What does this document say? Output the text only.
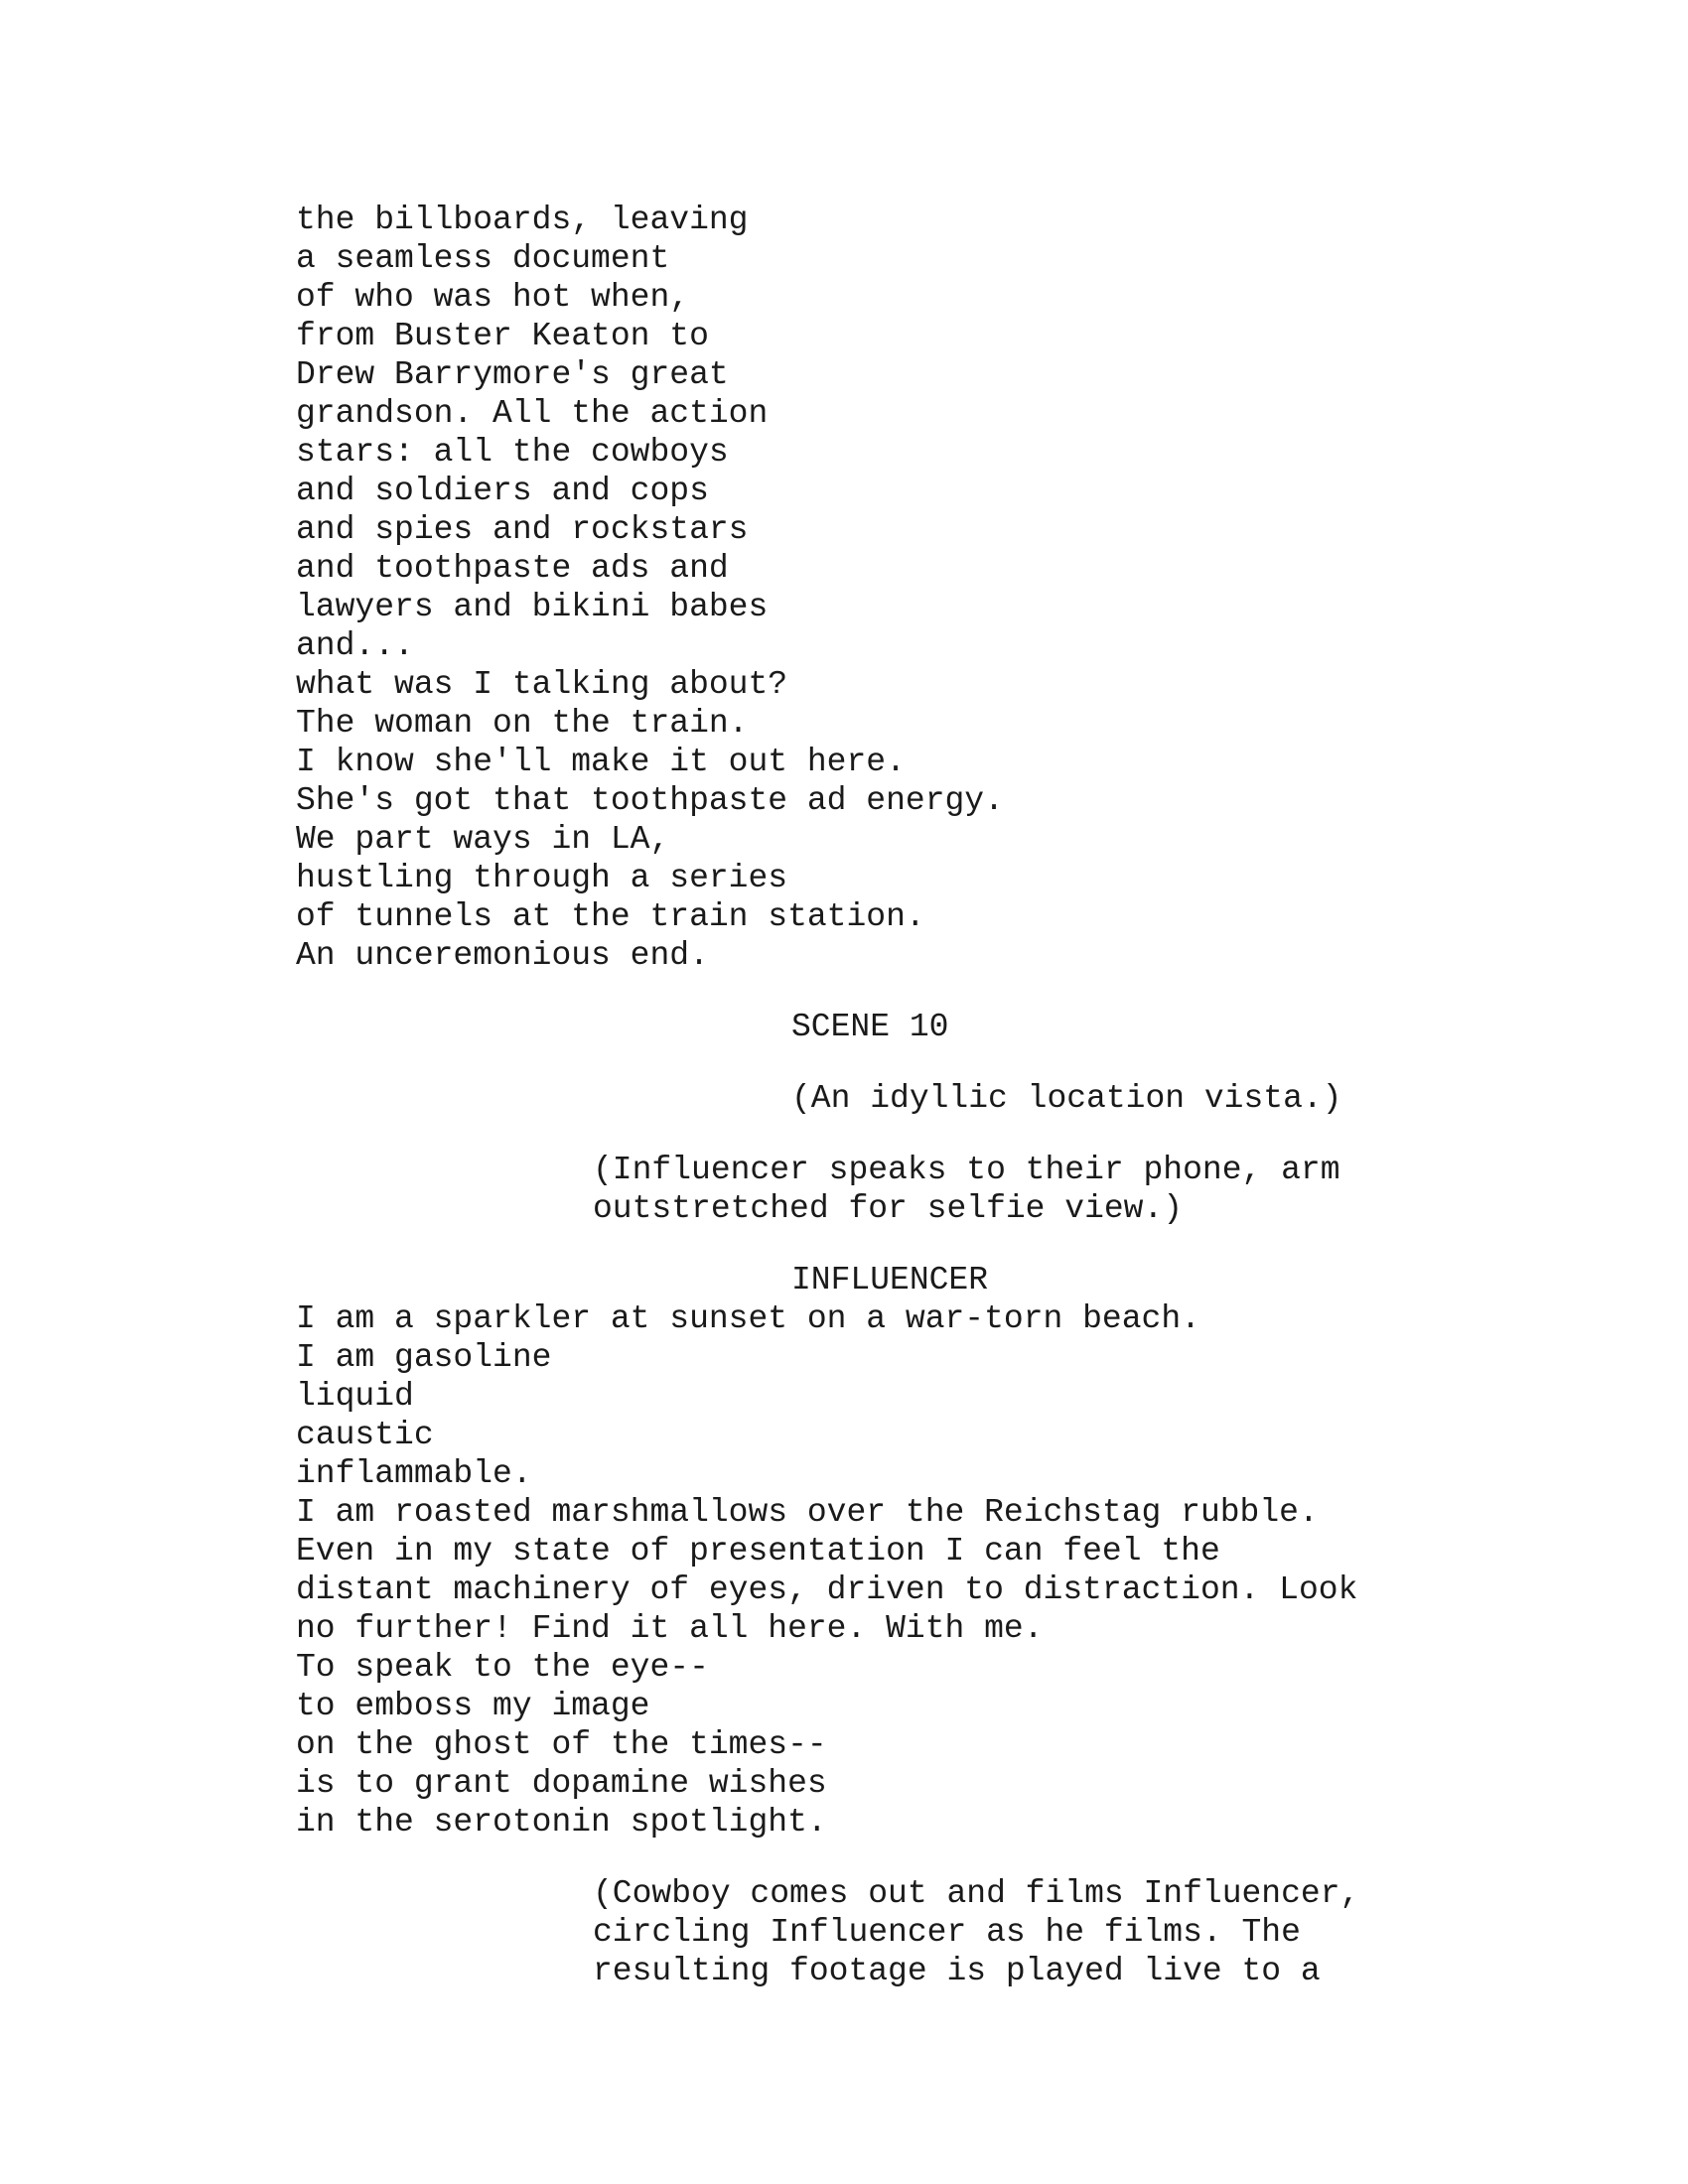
the billboards, leaving
a seamless document
of who was hot when,
from Buster Keaton to
Drew Barrymore's great
grandson. All the action
stars: all the cowboys
and soldiers and cops
and spies and rockstars
and toothpaste ads and
lawyers and bikini babes
and...
what was I talking about?
The woman on the train.
I know she'll make it out here.
She's got that toothpaste ad energy.
We part ways in LA,
hustling through a series
of tunnels at the train station.
An unceremonious end.
SCENE 10
(An idyllic location vista.)
(Influencer speaks to their phone, arm
outstretched for selfie view.)
INFLUENCER
I am a sparkler at sunset on a war-torn beach.
I am gasoline
liquid
caustic
inflammable.
I am roasted marshmallows over the Reichstag rubble.
Even in my state of presentation I can feel the
distant machinery of eyes, driven to distraction. Look
no further! Find it all here. With me.
To speak to the eye--
to emboss my image
on the ghost of the times--
is to grant dopamine wishes
in the serotonin spotlight.
(Cowboy comes out and films Influencer,
circling Influencer as he films. The
resulting footage is played live to a
